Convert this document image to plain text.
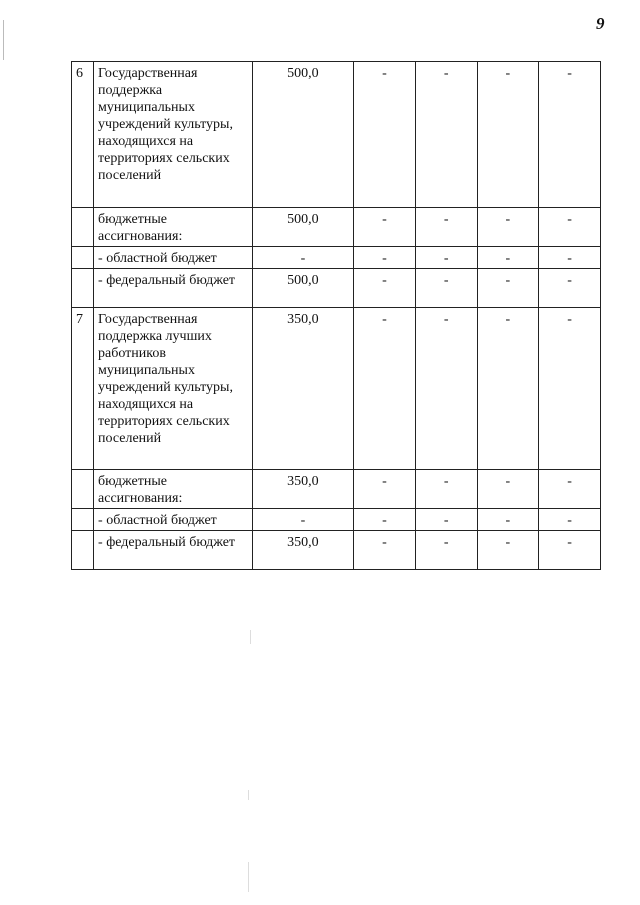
9
6	Государственная поддержка муниципальных учреждений культуры, находящихся на территориях сельских поселений	500,0	-	-	-	-
	бюджетные ассигнования:	500,0	-	-	-	-
	- областной бюджет	-	-	-	-	-
	- федеральный бюджет	500,0	-	-	-	-
7	Государственная поддержка лучших работников муниципальных учреждений культуры, находящихся на территориях сельских поселений	350,0	-	-	-	-
	бюджетные ассигнования:	350,0	-	-	-	-
	- областной бюджет	-	-	-	-	-
	- федеральный бюджет	350,0	-	-	-	-
